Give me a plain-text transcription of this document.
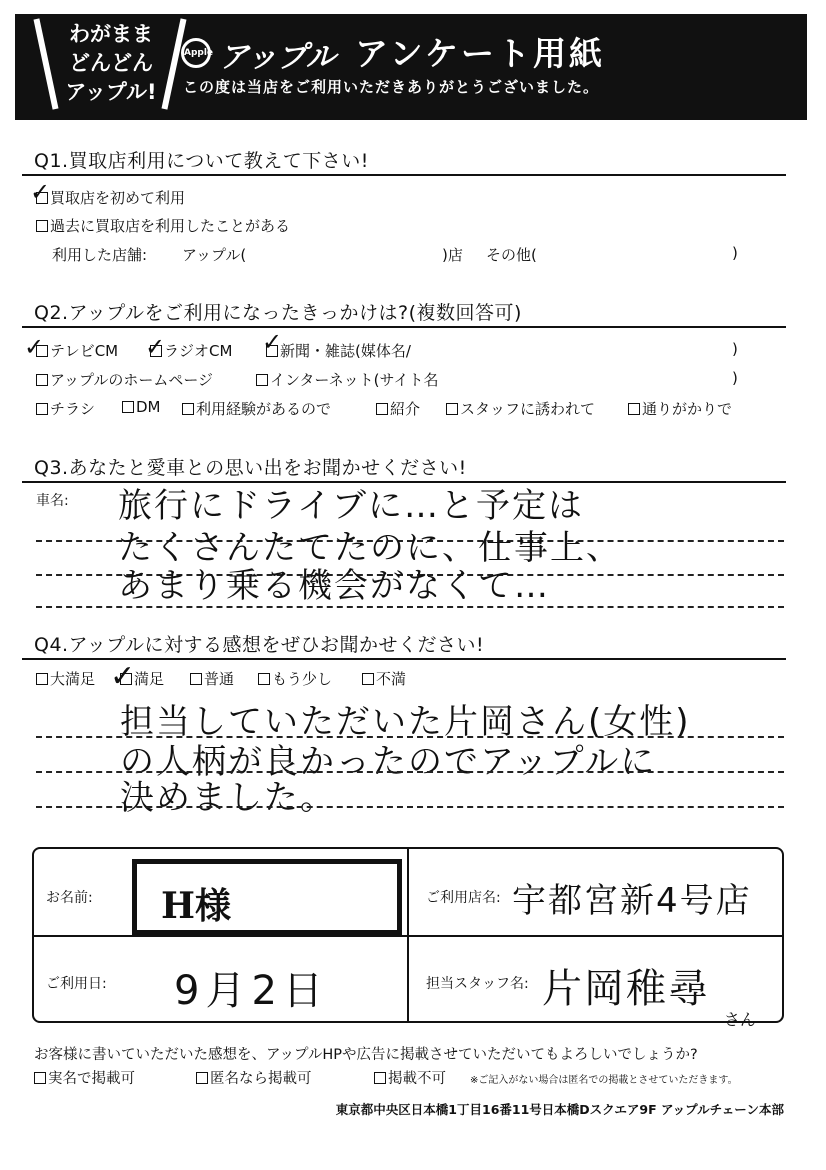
わがまま
どんどん
アップル!
Apple アップル アンケート用紙
この度は当店をご利用いただきありがとうございました。
Q1.買取店利用について教えて下さい!
買取店を初めて利用
✓
過去に買取店を利用したことがある
利用した店舗: アップル(	)店 その他(	)
Q2.アップルをご利用になったきっかけは?(複数回答可)
テレビCM
✓	ラジオCM
✓	新聞・雑誌(媒体名/
✓	)
アップルのホームページ	インターネット(サイト名	)
チラシ	DM	利用経験があるので	紹介	スタッフに誘われて	通りがかりで
Q3.あなたと愛車との思い出をお聞かせください!
車名: 旅行にドライブに…と予定は
たくさんたてたのに、仕事上、
あまり乗る機会がなくて…
Q4.アップルに対する感想をぜひお聞かせください!
大満足	満足
✓	普通	もう少し	不満
担当していただいた片岡さん(女性)
の人柄が良かったのでアップルに
決めました。
お名前: H様	ご利用店名: 宇都宮新4号店
ご利用日: 9月2日	担当スタッフ名: 片岡稚尋
さん
お客様に書いていただいた感想を、アップルHPや広告に掲載させていただいてもよろしいでしょうか?
実名で掲載可	匿名なら掲載可	掲載不可 ※ご記入がない場合は匿名での掲載とさせていただきます。
東京都中央区日本橋1丁目16番11号日本橋Dスクエア9F アップルチェーン本部
